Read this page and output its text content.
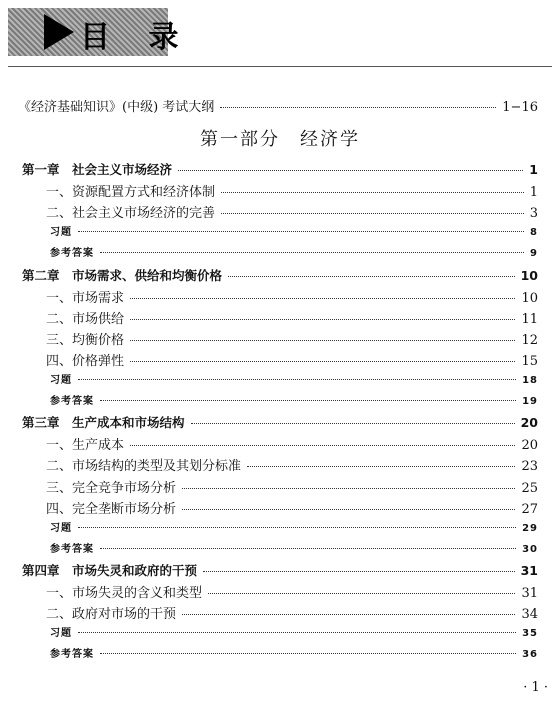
目 录
《经济基础知识》(中级) 考试大纲	1−16
第一部分　经济学
第一章　社会主义市场经济	1
一、资源配置方式和经济体制	1
二、社会主义市场经济的完善	3
习题	8
参考答案	9
第二章　市场需求、供给和均衡价格	10
一、市场需求	10
二、市场供给	11
三、均衡价格	12
四、价格弹性	15
习题	18
参考答案	19
第三章　生产成本和市场结构	20
一、生产成本	20
二、市场结构的类型及其划分标准	23
三、完全竞争市场分析	25
四、完全垄断市场分析	27
习题	29
参考答案	30
第四章　市场失灵和政府的干预	31
一、市场失灵的含义和类型	31
二、政府对市场的干预	34
习题	35
参考答案	36
· 1 ·
